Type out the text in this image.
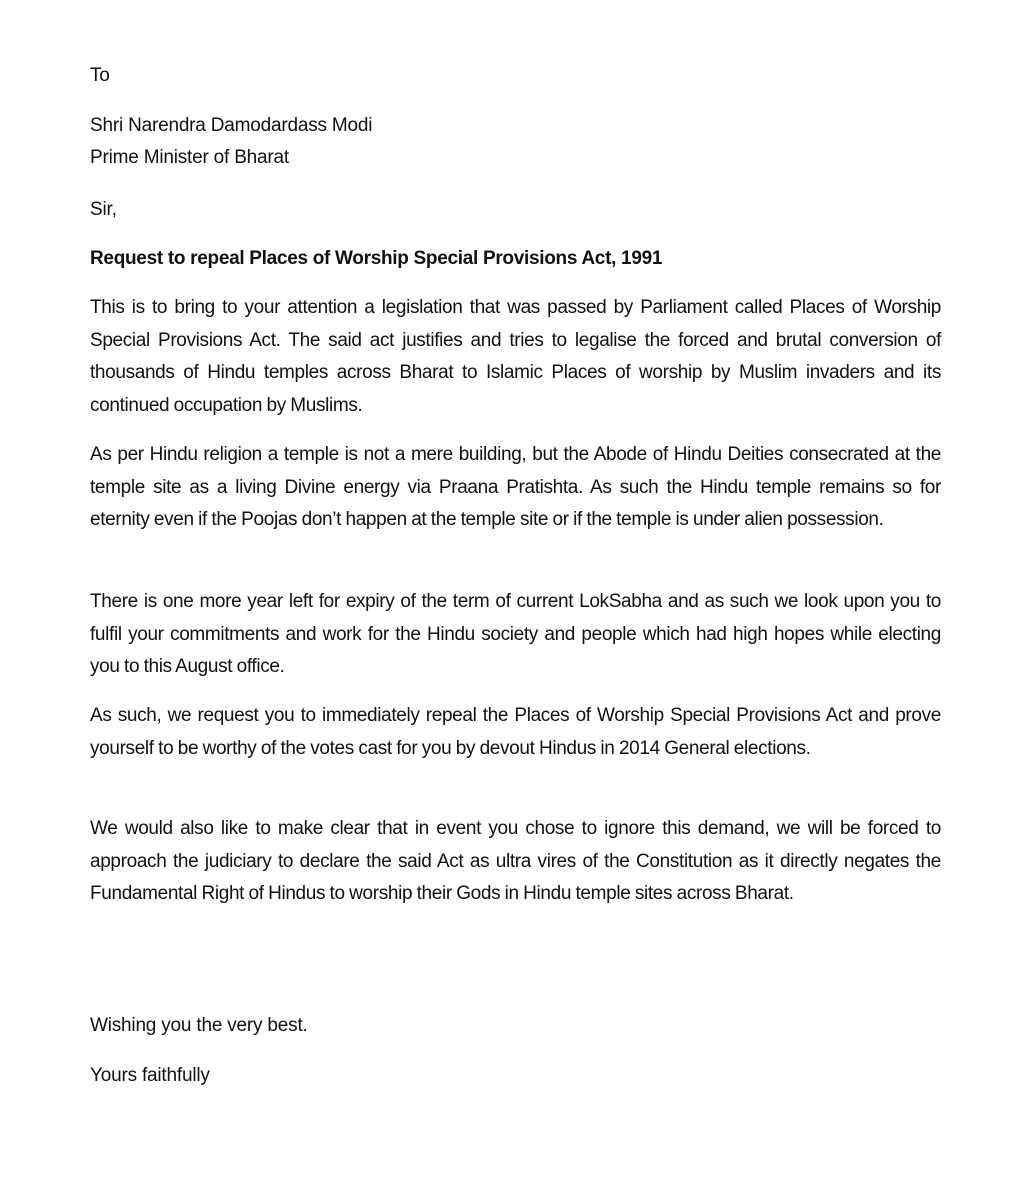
To
Shri Narendra Damodardass Modi
Prime Minister of Bharat
Sir,
Request to repeal Places of Worship Special Provisions Act, 1991
This is to bring to your attention a legislation that was passed by Parliament called Places of Worship Special Provisions Act. The said act justifies and tries to legalise the forced and brutal conversion of thousands of Hindu temples across Bharat to Islamic Places of worship by Muslim invaders and its continued occupation by Muslims.
As per Hindu religion a temple is not a mere building, but the Abode of Hindu Deities consecrated at the temple site as a living Divine energy via Praana Pratishta. As such the Hindu temple remains so for eternity even if the Poojas don’t happen at the temple site or if the temple is under alien possession.
There is one more year left for expiry of the term of current LokSabha and as such we look upon you to fulfil your commitments and work for the Hindu society and people which had high hopes while electing you to this August office.
As such, we request you to immediately repeal the Places of Worship Special Provisions Act and prove yourself to be worthy of the votes cast for you by devout Hindus in 2014 General elections.
We would also like to make clear that in event you chose to ignore this demand, we will be forced to approach the judiciary to declare the said Act as ultra vires of the Constitution as it directly negates the Fundamental Right of Hindus to worship their Gods in Hindu temple sites across Bharat.
Wishing you the very best.
Yours faithfully
